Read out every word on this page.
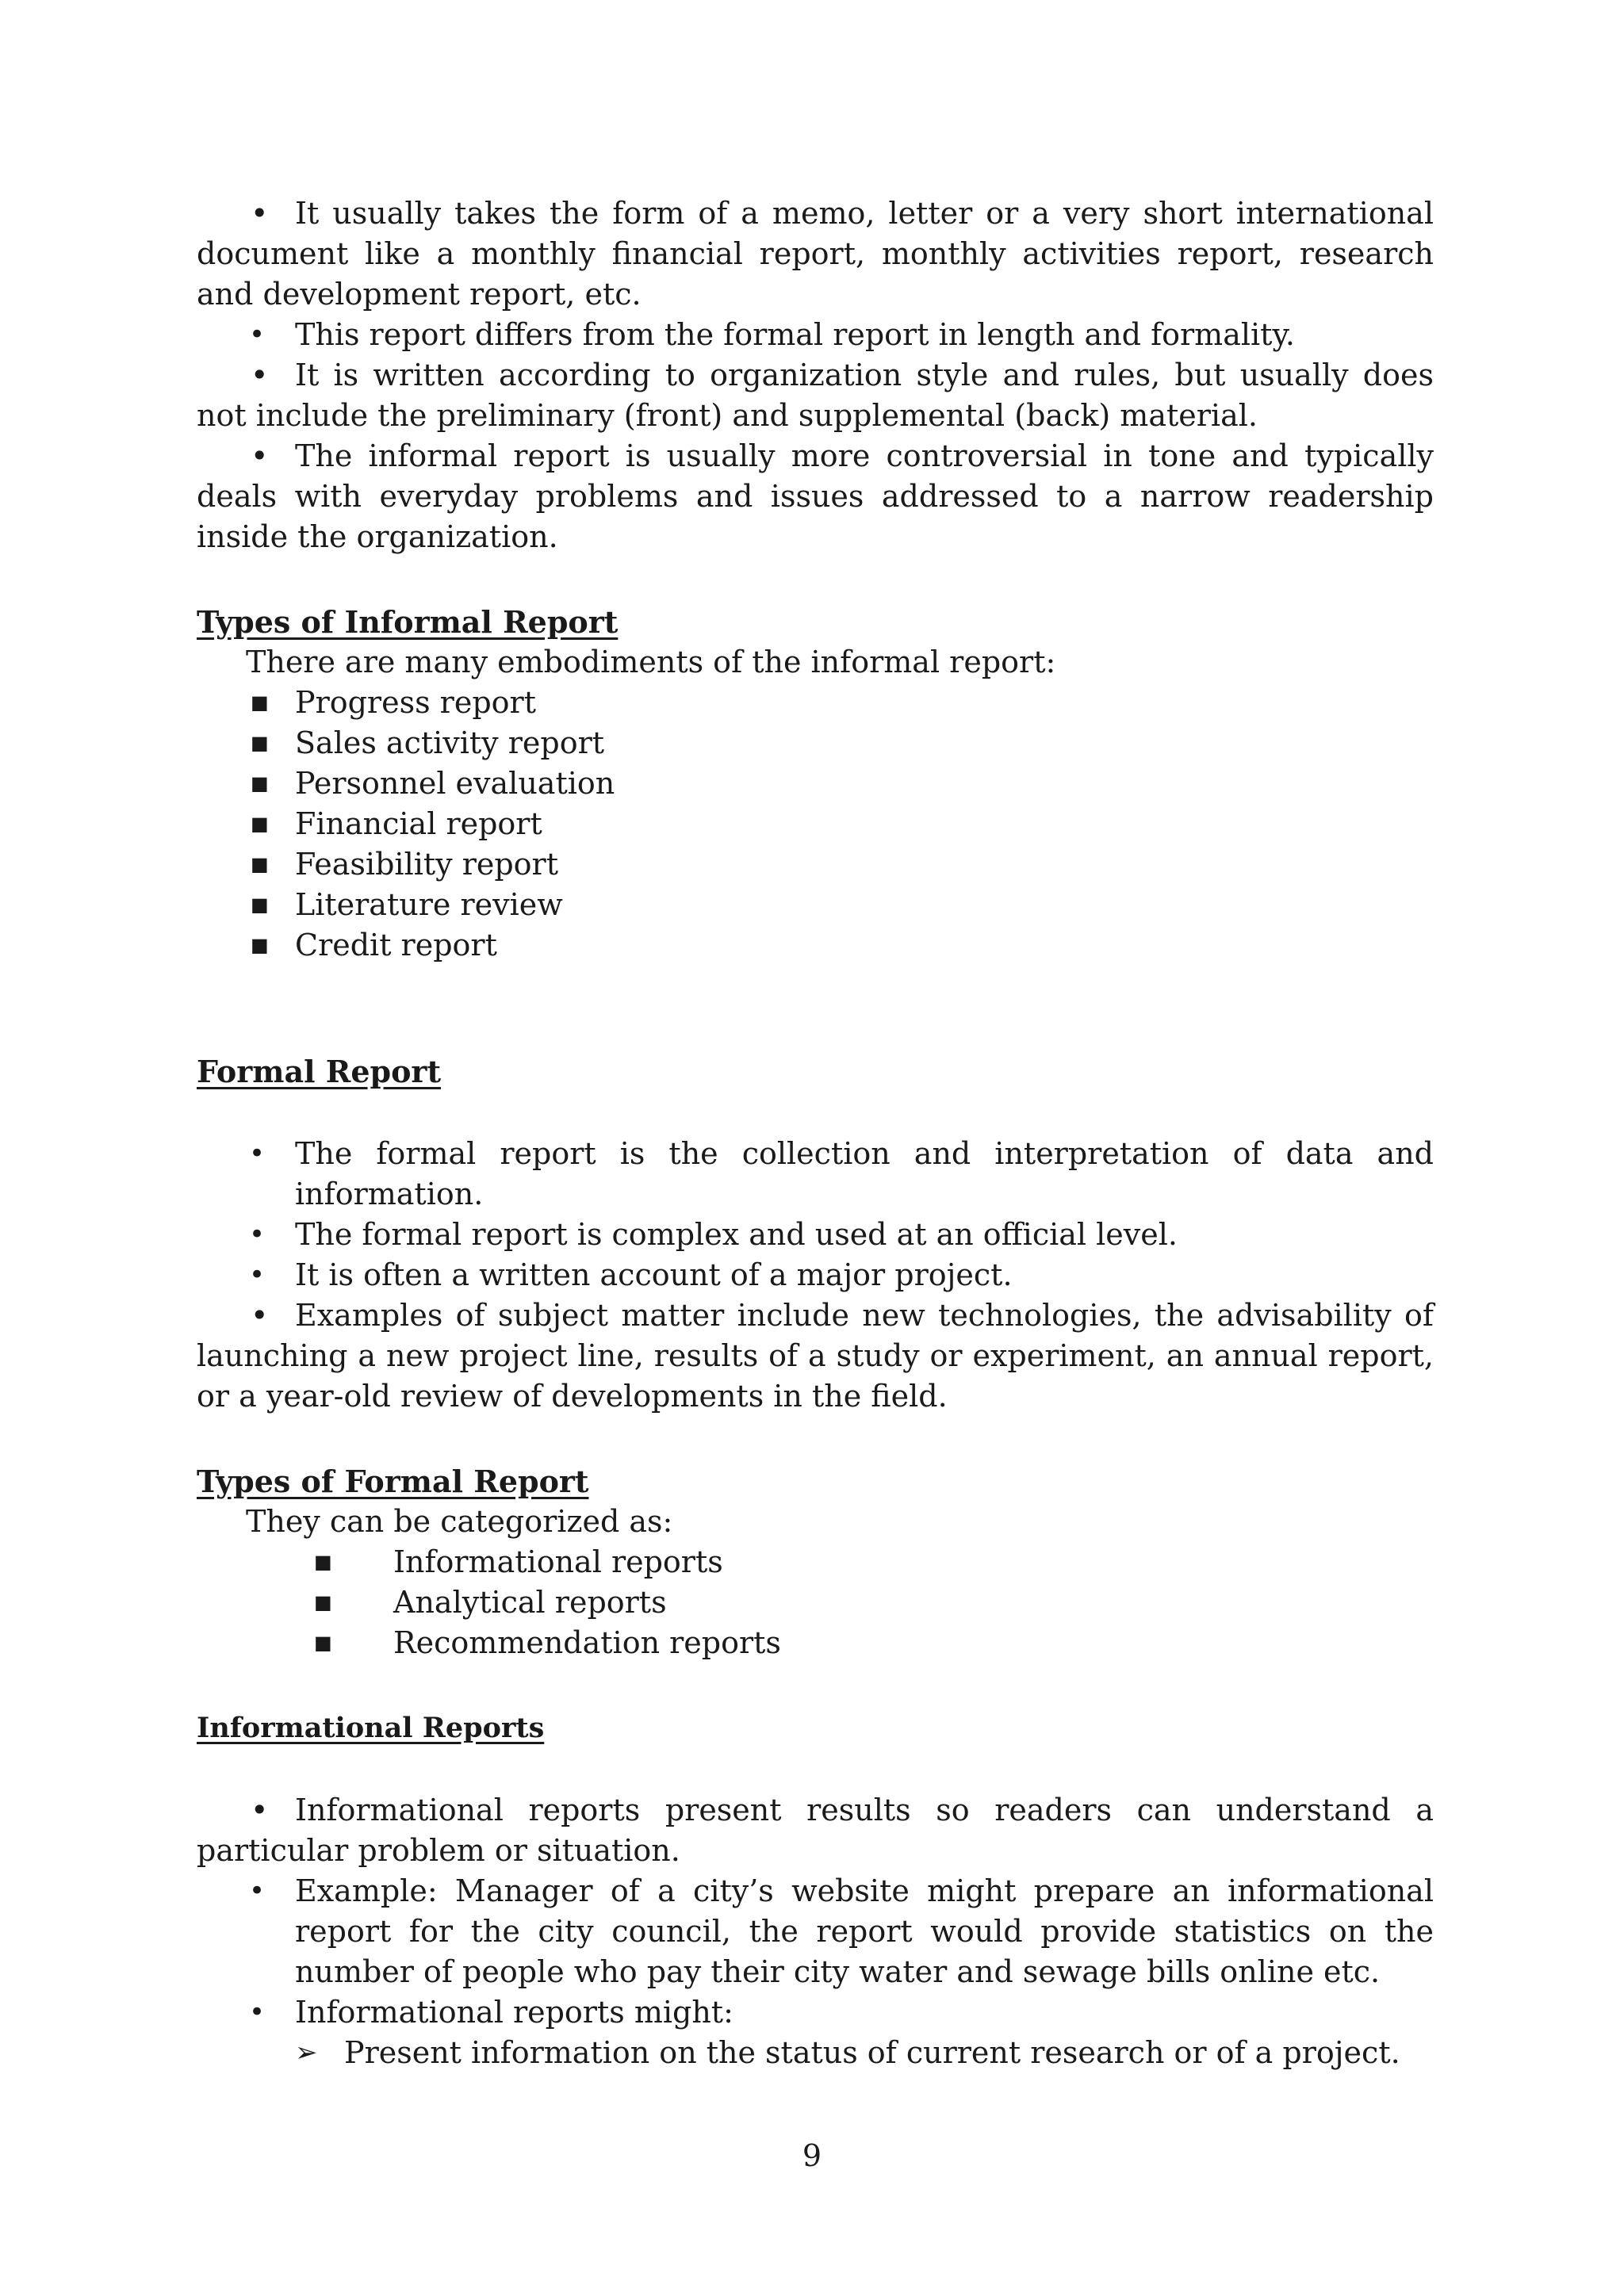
• It usually takes the form of a memo, letter or a very short international document like a monthly financial report, monthly activities report, research and development report, etc.

• This report differs from the formal report in length and formality.

• It is written according to organization style and rules, but usually does not include the preliminary (front) and supplemental (back) material.

• The informal report is usually more controversial in tone and typically deals with everyday problems and issues addressed to a narrow readership inside the organization.

Types of Informal Report

There are many embodiments of the informal report:

■ Progress report

■ Sales activity report

■ Personnel evaluation

■ Financial report

■ Feasibility report

■ Literature review

■ Credit report

Formal Report

• The formal report is the collection and interpretation of data and information.

• The formal report is complex and used at an official level.

• It is often a written account of a major project.

• Examples of subject matter include new technologies, the advisability of launching a new project line, results of a study or experiment, an annual report, or a year-old review of developments in the field.

Types of Formal Report

They can be categorized as:

■ Informational reports

■ Analytical reports

■ Recommendation reports

Informational Reports

• Informational reports present results so readers can understand a particular problem or situation.

• Example: Manager of a city’s website might prepare an informational report for the city council, the report would provide statistics on the number of people who pay their city water and sewage bills online etc.

• Informational reports might:

➢ Present information on the status of current research or of a project.

9
